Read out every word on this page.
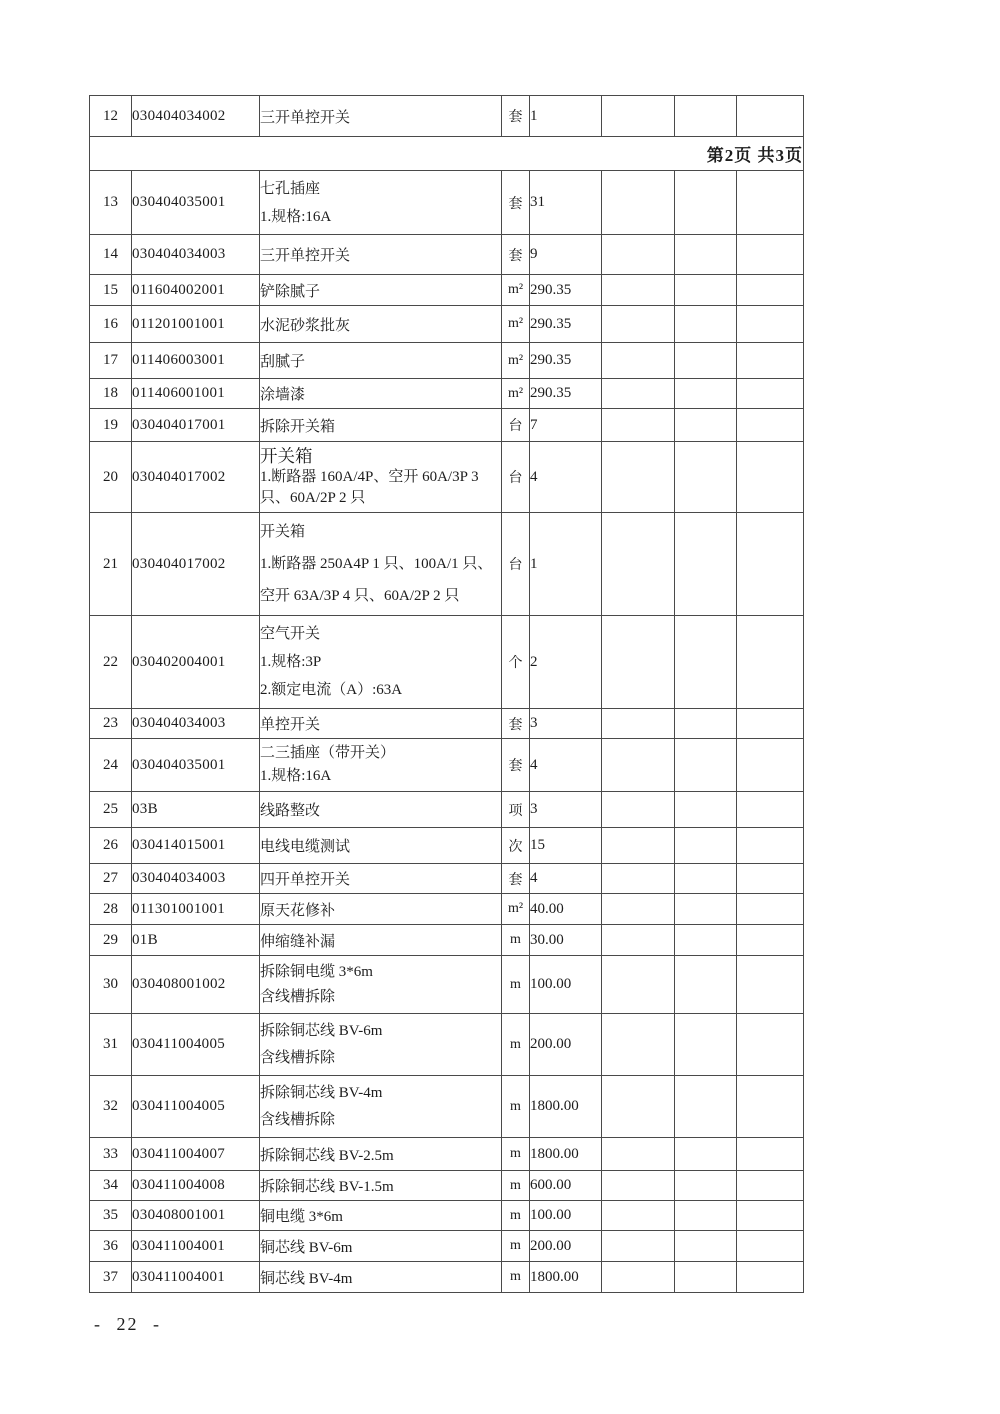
12	030404034002	三开单控开关	套	1			
第2页 共3页							
13	030404035001	七孔插座
1.规格:16A	套	31			
14	030404034003	三开单控开关	套	9			
15	011604002001	铲除腻子	m²	290.35			
16	011201001001	水泥砂浆批灰	m²	290.35			
17	011406003001	刮腻子	m²	290.35			
18	011406001001	涂墙漆	m²	290.35			
19	030404017001	拆除开关箱	台	7			
20	030404017002	开关箱
1.断路器 160A/4P、空开 60A/3P 3
只、60A/2P 2 只	台	4			
21	030404017002	开关箱
1.断路器 250A4P 1 只、100A/1 只、
空开 63A/3P 4 只、60A/2P 2 只	台	1			
22	030402004001	空气开关
1.规格:3P
2.额定电流（A）:63A	个	2			
23	030404034003	单控开关	套	3			
24	030404035001	二三插座（带开关）
1.规格:16A	套	4			
25	03B	线路整改	项	3			
26	030414015001	电线电缆测试	次	15			
27	030404034003	四开单控开关	套	4			
28	011301001001	原天花修补	m²	40.00			
29	01B	伸缩缝补漏	m	30.00			
30	030408001002	拆除铜电缆 3*6m
含线槽拆除	m	100.00			
31	030411004005	拆除铜芯线 BV-6m
含线槽拆除	m	200.00			
32	030411004005	拆除铜芯线 BV-4m
含线槽拆除	m	1800.00			
33	030411004007	拆除铜芯线 BV-2.5m	m	1800.00			
34	030411004008	拆除铜芯线 BV-1.5m	m	600.00			
35	030408001001	铜电缆 3*6m	m	100.00			
36	030411004001	铜芯线 BV-6m	m	200.00			
37	030411004001	铜芯线 BV-4m	m	1800.00			
- 22 -
